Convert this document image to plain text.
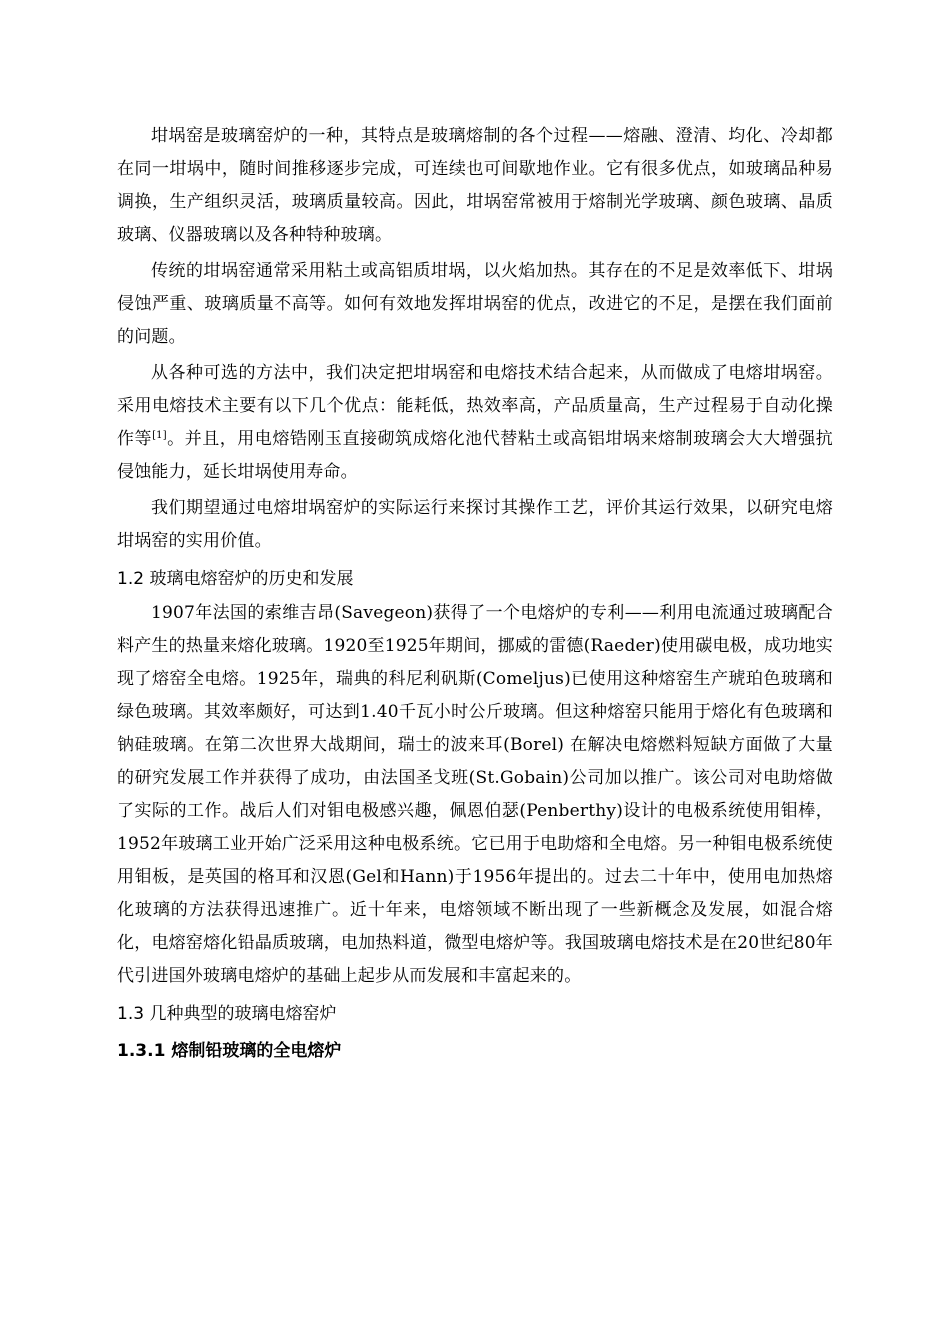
坩埚窑是玻璃窑炉的一种，其特点是玻璃熔制的各个过程——熔融、澄清、均化、冷却都在同一坩埚中，随时间推移逐步完成，可连续也可间歇地作业。它有很多优点，如玻璃品种易调换，生产组织灵活，玻璃质量较高。因此，坩埚窑常被用于熔制光学玻璃、颜色玻璃、晶质玻璃、仪器玻璃以及各种特种玻璃。

传统的坩埚窑通常采用粘土或高铝质坩埚，以火焰加热。其存在的不足是效率低下、坩埚侵蚀严重、玻璃质量不高等。如何有效地发挥坩埚窑的优点，改进它的不足，是摆在我们面前的问题。

从各种可选的方法中，我们决定把坩埚窑和电熔技术结合起来，从而做成了电熔坩埚窑。采用电熔技术主要有以下几个优点：能耗低，热效率高，产品质量高，生产过程易于自动化操作等[1]。并且，用电熔锆刚玉直接砌筑成熔化池代替粘土或高铝坩埚来熔制玻璃会大大增强抗侵蚀能力，延长坩埚使用寿命。

我们期望通过电熔坩埚窑炉的实际运行来探讨其操作工艺，评价其运行效果，以研究电熔坩埚窑的实用价值。

1.2 玻璃电熔窑炉的历史和发展

1907年法国的索维吉昂(Savegeon)获得了一个电熔炉的专利——利用电流通过玻璃配合料产生的热量来熔化玻璃。1920至1925年期间，挪威的雷德(Raeder)使用碳电极，成功地实现了熔窑全电熔。1925年，瑞典的科尼利矾斯(Comeljus)已使用这种熔窑生产琥珀色玻璃和绿色玻璃。其效率颇好，可达到1.40千瓦小时公斤玻璃。但这种熔窑只能用于熔化有色玻璃和钠硅玻璃。在第二次世界大战期间，瑞士的波来耳(Borel) 在解决电熔燃料短缺方面做了大量的研究发展工作并获得了成功，由法国圣戈班(St.Gobain)公司加以推广。该公司对电助熔做了实际的工作。战后人们对钼电极感兴趣，佩恩伯瑟(Penberthy)设计的电极系统使用钼棒，1952年玻璃工业开始广泛采用这种电极系统。它已用于电助熔和全电熔。另一种钼电极系统使用钼板，是英国的格耳和汉恩(Gel和Hann)于1956年提出的。过去二十年中，使用电加热熔化玻璃的方法获得迅速推广。近十年来，电熔领域不断出现了一些新概念及发展，如混合熔化，电熔窑熔化铅晶质玻璃，电加热料道，微型电熔炉等。我国玻璃电熔技术是在20世纪80年代引进国外玻璃电熔炉的基础上起步从而发展和丰富起来的。

1.3 几种典型的玻璃电熔窑炉
1.3.1 熔制铅玻璃的全电熔炉
